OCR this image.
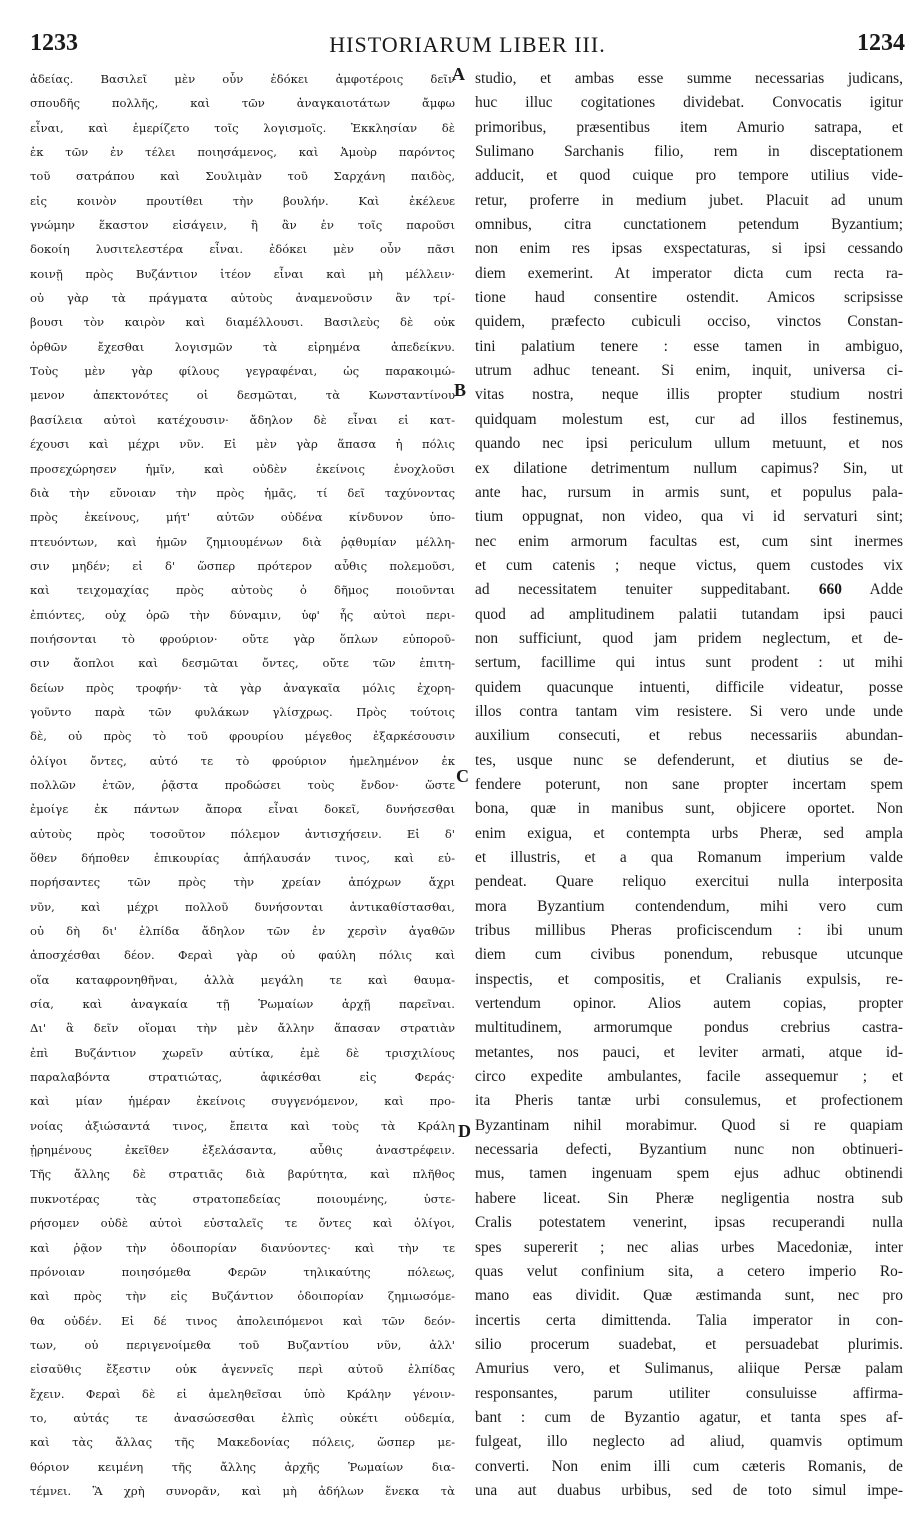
1233	HISTORIARUM LIBER III.	1234
ἀδείας. Βασιλεῖ μὲν οὖν ἐδόκει ἀμφοτέροις δεῖν
σπουδῆς πολλῆς, καὶ τῶν ἀναγκαιοτάτων ἄμφω
εἶναι, καὶ ἐμερίζετο τοῖς λογισμοῖς. Ἐκκλησίαν δὲ
ἐκ τῶν ἐν τέλει ποιησάμενος, καὶ Ἀμοὺρ παρόντος
τοῦ σατράπου καὶ Σουλιμὰν τοῦ Σαρχάνη παιδὸς,
εἰς κοινὸν προυτίθει τὴν βουλήν. Καὶ ἐκέλευε
γνώμην ἕκαστον εἰσάγειν, ἣ ἂν ἐν τοῖς παροῦσι
δοκοίη λυσιτελεστέρα εἶναι. ἐδόκει μὲν οὖν πᾶσι
κοινῇ πρὸς Βυζάντιον ἰτέον εἶναι καὶ μὴ μέλλειν·
οὐ γὰρ τὰ πράγματα αὐτοὺς ἀναμενοῦσιν ἂν τρί-
βουσι τὸν καιρὸν καὶ διαμέλλουσι. Βασιλεὺς δὲ οὐκ
ὀρθῶν ἔχεσθαι λογισμῶν τὰ εἰρημένα ἀπεδείκνυ.
Τοὺς μὲν γὰρ φίλους γεγραφέναι, ὡς παρακοιμώ-
μενον ἀπεκτονότες οἱ δεσμῶται, τὰ Κωνσταντίνου
βασίλεια αὐτοὶ κατέχουσιν· ἄδηλον δὲ εἶναι εἰ κατ-
έχουσι καὶ μέχρι νῦν. Εἰ μὲν γὰρ ἅπασα ἡ πόλις
προσεχώρησεν ἡμῖν, καὶ οὐδὲν ἐκείνοις ἐνοχλοῦσι
διὰ τὴν εὔνοιαν τὴν πρὸς ἡμᾶς, τί δεῖ ταχύνοντας
πρὸς ἐκείνους, μήτ' αὐτῶν οὐδένα κίνδυνον ὑπο-
πτευόντων, καὶ ἡμῶν ζημιουμένων διὰ ῥᾳθυμίαν μέλλη-
σιν μηδέν; εἰ δ' ὥσπερ πρότερον αὖθις πολεμοῦσι,
καὶ τειχομαχίας πρὸς αὐτοὺς ὁ δῆμος ποιοῦνται
ἐπιόντες, οὐχ ὁρῶ τὴν δύναμιν, ὑφ' ἧς αὐτοὶ περι-
ποιήσονται τὸ φρούριον· οὔτε γὰρ ὅπλων εὐποροῦ-
σιν ἄοπλοι καὶ δεσμῶται ὄντες, οὔτε τῶν ἐπιτη-
δείων πρὸς τροφήν· τὰ γὰρ ἀναγκαῖα μόλις ἐχορη-
γοῦντο παρὰ τῶν φυλάκων γλίσχρως. Πρὸς τούτοις
δὲ, οὐ πρὸς τὸ τοῦ φρουρίου μέγεθος ἐξαρκέσουσιν
ὀλίγοι ὄντες, αὐτό τε τὸ φρούριον ἠμελημένον ἐκ
πολλῶν ἐτῶν, ῥᾷστα προδώσει τοὺς ἔνδον· ὥστε
ἐμοίγε ἐκ πάντων ἄπορα εἶναι δοκεῖ, δυνήσεσθαι
αὐτοὺς πρὸς τοσοῦτον πόλεμον ἀντισχήσειν. Εἰ δ'
ὅθεν δήποθεν ἐπικουρίας ἀπήλαυσάν τινος, καὶ εὐ-
πορήσαντες τῶν πρὸς τὴν χρείαν ἀπόχρων ἄχρι
νῦν, καὶ μέχρι πολλοῦ δυνήσονται ἀντικαθίστασθαι,
οὐ δὴ δι' ἐλπίδα ἄδηλον τῶν ἐν χερσὶν ἀγαθῶν
ἀποσχέσθαι δέον. Φεραὶ γὰρ οὐ φαύλη πόλις καὶ
οἵα καταφρονηθῆναι, ἀλλὰ μεγάλη τε καὶ θαυμα-
σία, καὶ ἀναγκαία τῇ Ῥωμαίων ἀρχῇ παρεῖναι.
Δι' ἃ δεῖν οἴομαι τὴν μὲν ἄλλην ἅπασαν στρατιὰν
ἐπὶ Βυζάντιον χωρεῖν αὐτίκα, ἐμὲ δὲ τρισχιλίους
παραλαβόντα στρατιώτας, ἀφικέσθαι εἰς Φεράς·
καὶ μίαν ἡμέραν ἐκείνοις συγγενόμενον, καὶ προ-
νοίας ἀξιώσαντά τινος, ἔπειτα καὶ τοὺς τὰ Κράλη
ᾑρημένους ἐκεῖθεν ἐξελάσαντα, αὖθις ἀναστρέφειν.
Τῆς ἄλλης δὲ στρατιᾶς διὰ βαρύτητα, καὶ πλῆθος
πυκνοτέρας τὰς στρατοπεδείας ποιουμένης, ὑστε-
ρήσομεν οὐδὲ αὐτοὶ εὐσταλεῖς τε ὄντες καὶ ὀλίγοι,
καὶ ῥᾷον τὴν ὁδοιπορίαν διανύοντες· καὶ τὴν τε
πρόνοιαν ποιησόμεθα Φερῶν τηλικαύτης πόλεως,
καὶ πρὸς τὴν εἰς Βυζάντιον ὁδοιπορίαν ζημιωσόμε-
θα οὐδέν. Εἰ δέ τινος ἀπολειπόμενοι καὶ τῶν δεόν-
των, οὐ περιγενοίμεθα τοῦ Βυζαντίου νῦν, ἀλλ'
εἰσαῦθις ἔξεστιν οὐκ ἀγεννεῖς περὶ αὐτοῦ ἐλπίδας
ἔχειν. Φεραὶ δὲ εἰ ἀμεληθεῖσαι ὑπὸ Κράλην γένοιν-
το, αὐτάς τε ἀνασώσεσθαι ἐλπὶς οὐκέτι οὐδεμία,
καὶ τὰς ἄλλας τῆς Μακεδονίας πόλεις, ὥσπερ με-
θόριον κειμένη τῆς ἄλλης ἀρχῆς Ῥωμαίων δια-
τέμνει. Ἃ χρὴ συνορᾶν, καὶ μὴ ἀδήλων ἕνεκα τὰ
studio, et ambas esse summe necessarias judicans,
huc illuc cogitationes dividebat. Convocatis igitur
primoribus, præsentibus item Amurio satrapa, et
Sulimano Sarchanis filio, rem in disceptationem
adducit, et quod cuique pro tempore utilius vide-
retur, proferre in medium jubet. Placuit ad unum
omnibus, citra cunctationem petendum Byzantium;
non enim res ipsas exspectaturas, si ipsi cessando
diem exemerint. At imperator dicta cum recta ra-
tione haud consentire ostendit. Amicos scripsisse
quidem, præfecto cubiculi occiso, vinctos Constan-
tini palatium tenere : esse tamen in ambiguo,
utrum adhuc teneant. Si enim, inquit, universa ci-
vitas nostra, neque illis propter studium nostri
quidquam molestum est, cur ad illos festinemus,
quando nec ipsi periculum ullum metuunt, et nos
ex dilatione detrimentum nullum capimus? Sin, ut
ante hac, rursum in armis sunt, et populus pala-
tium oppugnat, non video, qua vi id servaturi sint;
nec enim armorum facultas est, cum sint inermes
et cum catenis ; neque victus, quem custodes vix
ad necessitatem tenuiter suppeditabant. 660 Adde
quod ad amplitudinem palatii tutandam ipsi pauci
non sufficiunt, quod jam pridem neglectum, et de-
sertum, facillime qui intus sunt prodent : ut mihi
quidem quacunque intuenti, difficile videatur, posse
illos contra tantam vim resistere. Si vero unde unde
auxilium consecuti, et rebus necessariis abundan-
tes, usque nunc se defenderunt, et diutius se de-
fendere poterunt, non sane propter incertam spem
bona, quæ in manibus sunt, objicere oportet. Non
enim exigua, et contempta urbs Pheræ, sed ampla
et illustris, et a qua Romanum imperium valde
pendeat. Quare reliquo exercitui nulla interposita
mora Byzantium contendendum, mihi vero cum
tribus millibus Pheras proficiscendum : ibi unum
diem cum civibus ponendum, rebusque utcunque
inspectis, et compositis, et Cralianis expulsis, re-
vertendum opinor. Alios autem copias, propter
multitudinem, armorumque pondus crebrius castra-
metantes, nos pauci, et leviter armati, atque id-
circo expedite ambulantes, facile assequemur ; et
ita Pheris tantæ urbi consulemus, et profectionem
Byzantinam nihil morabimur. Quod si re quapiam
necessaria defecti, Byzantium nunc non obtinueri-
mus, tamen ingenuam spem ejus adhuc obtinendi
habere liceat. Sin Pheræ negligentia nostra sub
Cralis potestatem venerint, ipsas recuperandi nulla
spes supererit ; nec alias urbes Macedoniæ, inter
quas velut confinium sita, a cetero imperio Ro-
mano eas dividit. Quæ æstimanda sunt, nec pro
incertis certa dimittenda. Talia imperator in con-
silio procerum suadebat, et persuadebat plurimis.
Amurius vero, et Sulimanus, aliique Persæ palam
responsantes, parum utiliter consuluisse affirma-
bant : cum de Byzantio agatur, et tanta spes af-
fulgeat, illo neglecto ad aliud, quamvis optimum
converti. Non enim illi cum cæteris Romanis, de
una aut duabus urbibus, sed de toto simul impe-
A
B
C
D
